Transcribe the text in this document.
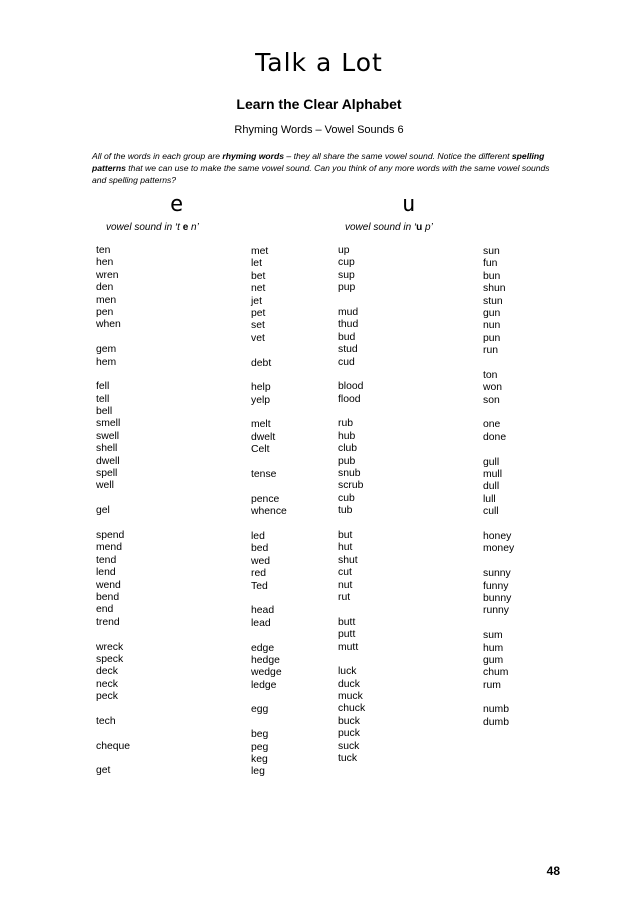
Talk a Lot
Learn the Clear Alphabet
Rhyming Words – Vowel Sounds 6
All of the words in each group are rhyming words – they all share the same vowel sound. Notice the different spelling patterns that we can use to make the same vowel sound. Can you think of any more words with the same vowel sounds and spelling patterns?
e
vowel sound in ‘t e n’
u
vowel sound in ‘u p’
ten
hen
wren
den
men
pen
when
gem
hem
fell
tell
bell
smell
swell
shell
dwell
spell
well
gel
spend
mend
tend
lend
wend
bend
end
trend
wreck
speck
deck
neck
peck
tech
cheque
get
met
let
bet
net
jet
pet
set
vet
debt
help
yelp
melt
dwelt
Celt
tense
pence
whence
led
bed
wed
red
Ted
head
lead
edge
hedge
wedge
ledge
egg
beg
peg
keg
leg
up
cup
sup
pup
mud
thud
bud
stud
cud
blood
flood
rub
hub
club
pub
snub
scrub
cub
tub
but
hut
shut
cut
nut
rut
butt
putt
mutt
luck
duck
muck
chuck
buck
puck
suck
tuck
sun
fun
bun
shun
stun
gun
nun
pun
run
ton
won
son
one
done
gull
mull
dull
lull
cull
honey
money
sunny
funny
bunny
runny
sum
hum
gum
chum
rum
numb
dumb
48
